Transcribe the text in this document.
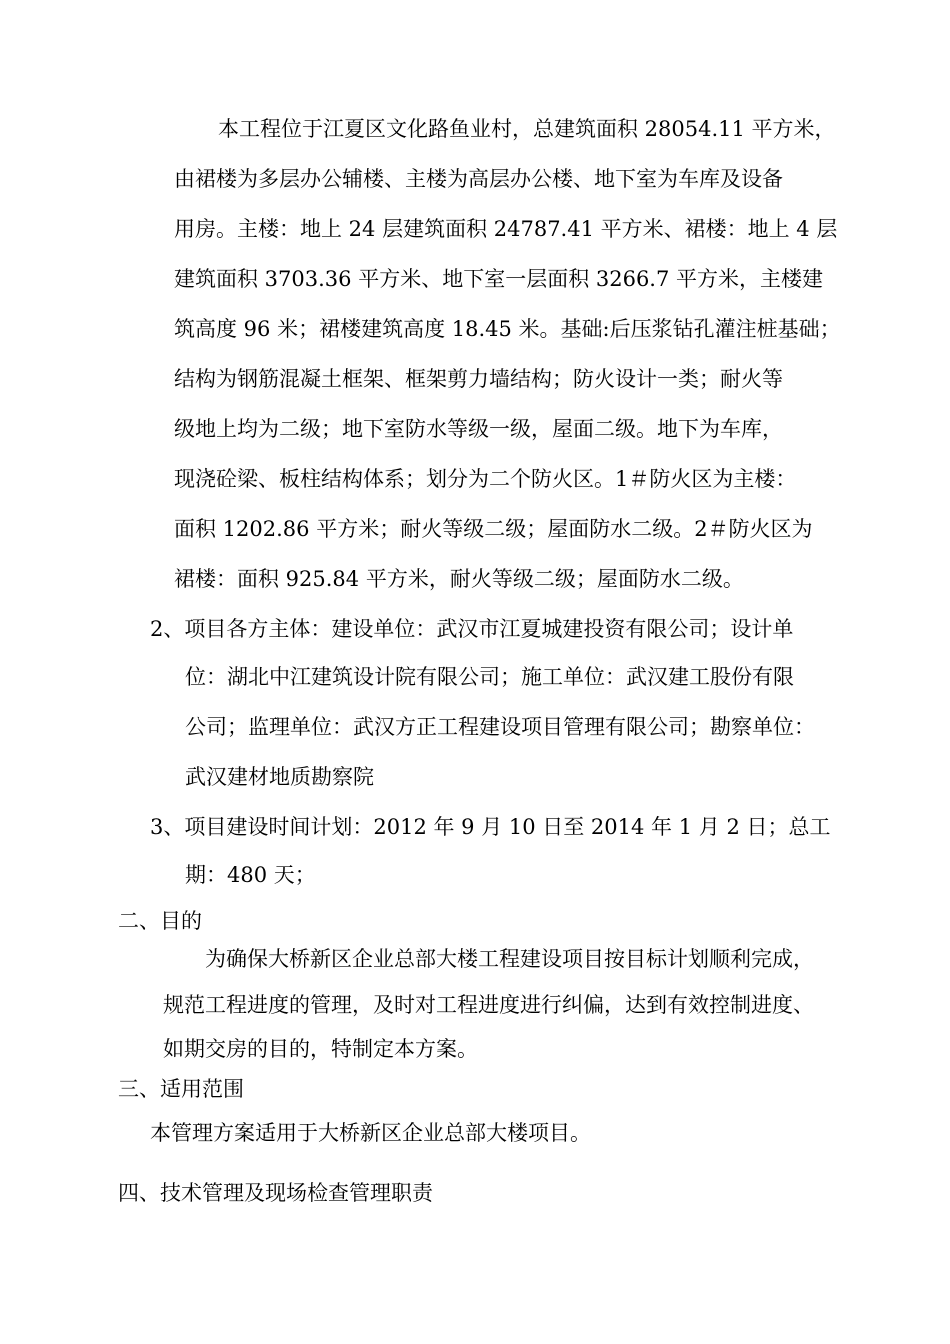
本工程位于江夏区文化路鱼业村，总建筑面积 28054.11 平方米，
由裙楼为多层办公辅楼、主楼为高层办公楼、地下室为车库及设备
用房。主楼：地上 24 层建筑面积 24787.41 平方米、裙楼：地上 4 层
建筑面积 3703.36 平方米、地下室一层面积 3266.7 平方米，主楼建
筑高度 96 米；裙楼建筑高度 18.45 米。基础:后压浆钻孔灌注桩基础；
结构为钢筋混凝土框架、框架剪力墙结构；防火设计一类；耐火等
级地上均为二级；地下室防水等级一级，屋面二级。地下为车库，
现浇砼梁、板柱结构体系；划分为二个防火区。1＃防火区为主楼：
面积 1202.86 平方米；耐火等级二级；屋面防水二级。2＃防火区为
裙楼：面积 925.84 平方米，耐火等级二级；屋面防水二级。
2、项目各方主体：建设单位：武汉市江夏城建投资有限公司；设计单
位：湖北中江建筑设计院有限公司；施工单位：武汉建工股份有限
公司；监理单位：武汉方正工程建设项目管理有限公司；勘察单位：
武汉建材地质勘察院
3、项目建设时间计划：2012 年 9 月 10 日至 2014 年 1 月 2 日；总工
期：480 天；
二、目的
为确保大桥新区企业总部大楼工程建设项目按目标计划顺利完成，
规范工程进度的管理，及时对工程进度进行纠偏，达到有效控制进度、
如期交房的目的，特制定本方案。
三、适用范围
本管理方案适用于大桥新区企业总部大楼项目。
四、技术管理及现场检查管理职责
